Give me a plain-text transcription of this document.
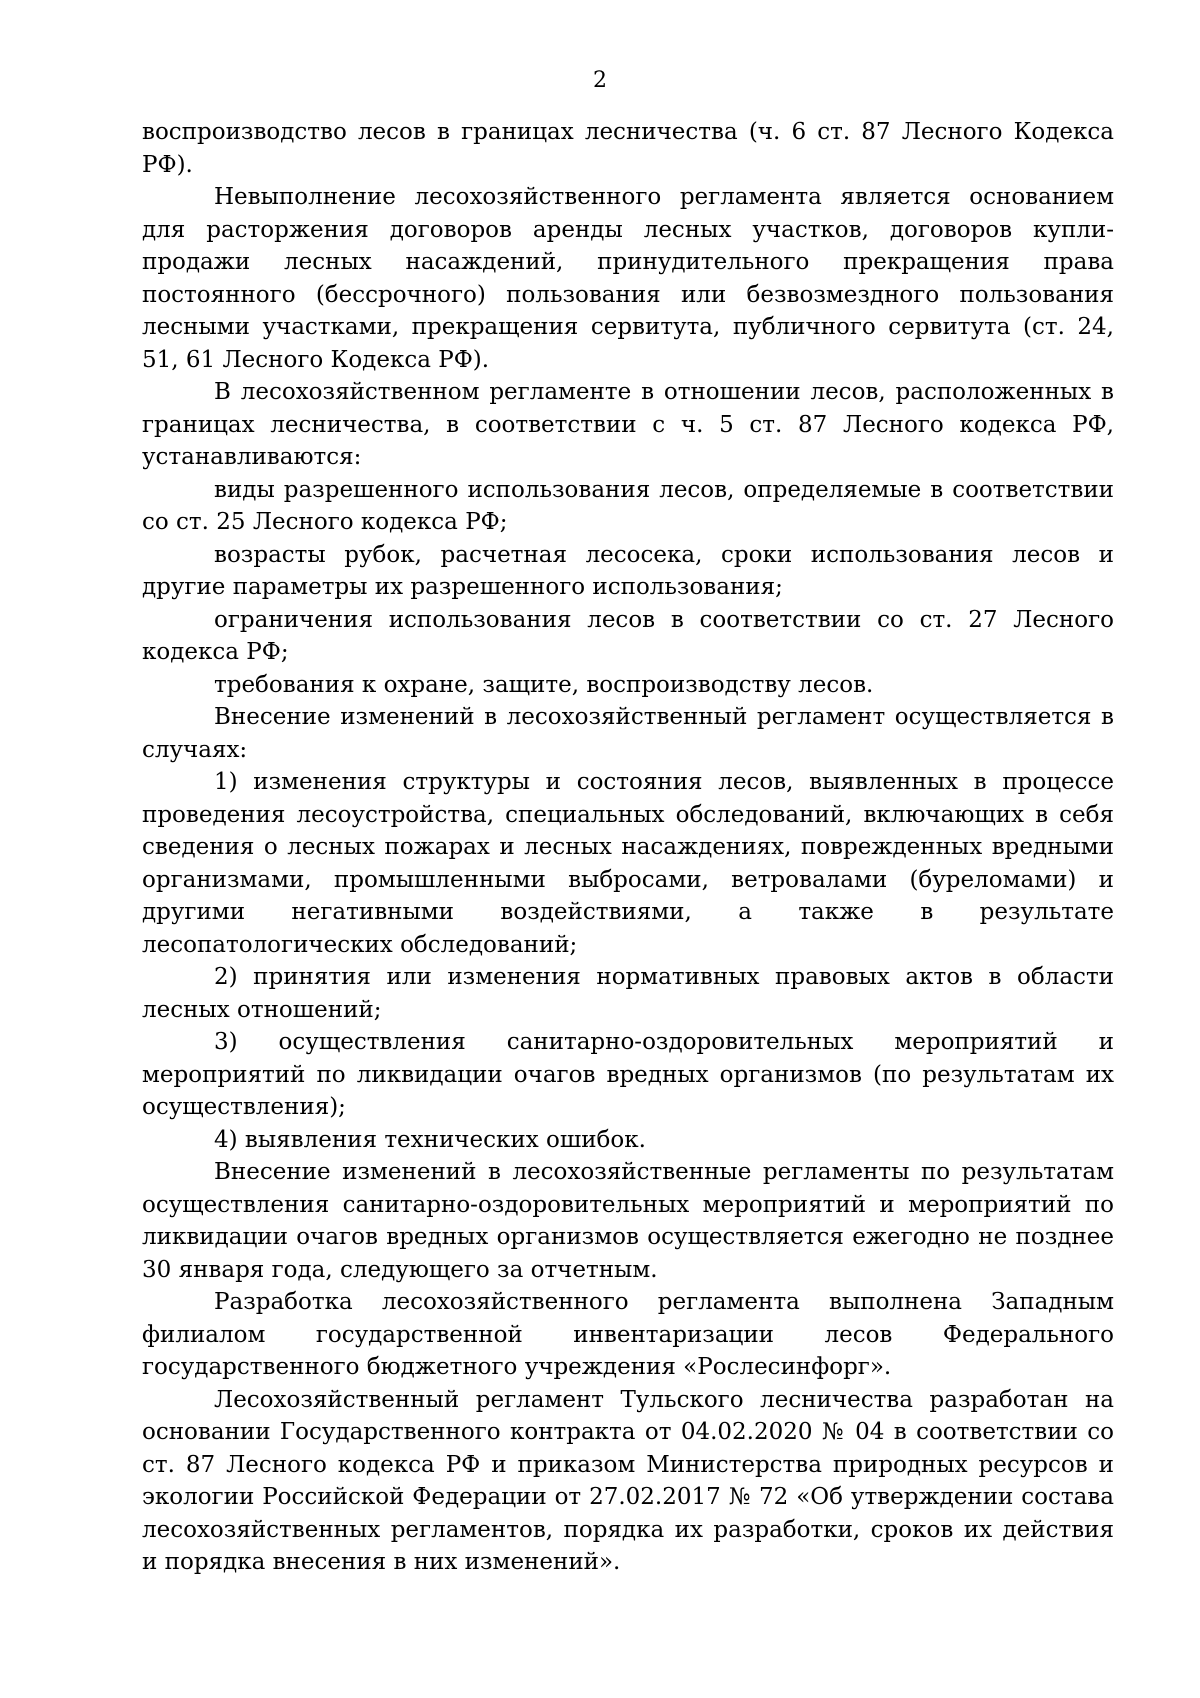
2

воспроизводство лесов в границах лесничества (ч. 6 ст. 87 Лесного Кодекса РФ).

Невыполнение лесохозяйственного регламента является основанием для расторжения договоров аренды лесных участков, договоров купли-продажи лесных насаждений, принудительного прекращения права постоянного (бессрочного) пользования или безвозмездного пользования лесными участками, прекращения сервитута, публичного сервитута (ст. 24, 51, 61 Лесного Кодекса РФ).

В лесохозяйственном регламенте в отношении лесов, расположенных в границах лесничества, в соответствии с ч. 5 ст. 87 Лесного кодекса РФ, устанавливаются:

виды разрешенного использования лесов, определяемые в соответствии со ст. 25 Лесного кодекса РФ;

возрасты рубок, расчетная лесосека, сроки использования лесов и другие параметры их разрешенного использования;

ограничения использования лесов в соответствии со ст. 27 Лесного кодекса РФ;

требования к охране, защите, воспроизводству лесов.

Внесение изменений в лесохозяйственный регламент осуществляется в случаях:

1) изменения структуры и состояния лесов, выявленных в процессе проведения лесоустройства, специальных обследований, включающих в себя сведения о лесных пожарах и лесных насаждениях, поврежденных вредными организмами, промышленными выбросами, ветровалами (буреломами) и другими негативными воздействиями, а также в результате лесопатологических обследований;

2) принятия или изменения нормативных правовых актов в области лесных отношений;

3) осуществления санитарно-оздоровительных мероприятий и мероприятий по ликвидации очагов вредных организмов (по результатам их осуществления);

4) выявления технических ошибок.

Внесение изменений в лесохозяйственные регламенты по результатам осуществления санитарно-оздоровительных мероприятий и мероприятий по ликвидации очагов вредных организмов осуществляется ежегодно не позднее 30 января года, следующего за отчетным.

Разработка лесохозяйственного регламента выполнена Западным филиалом государственной инвентаризации лесов Федерального государственного бюджетного учреждения «Рослесинфорг».

Лесохозяйственный регламент Тульского лесничества разработан на основании Государственного контракта от 04.02.2020 № 04 в соответствии со ст. 87 Лесного кодекса РФ и приказом Министерства природных ресурсов и экологии Российской Федерации от 27.02.2017 № 72 «Об утверждении состава лесохозяйственных регламентов, порядка их разработки, сроков их действия и порядка внесения в них изменений».
